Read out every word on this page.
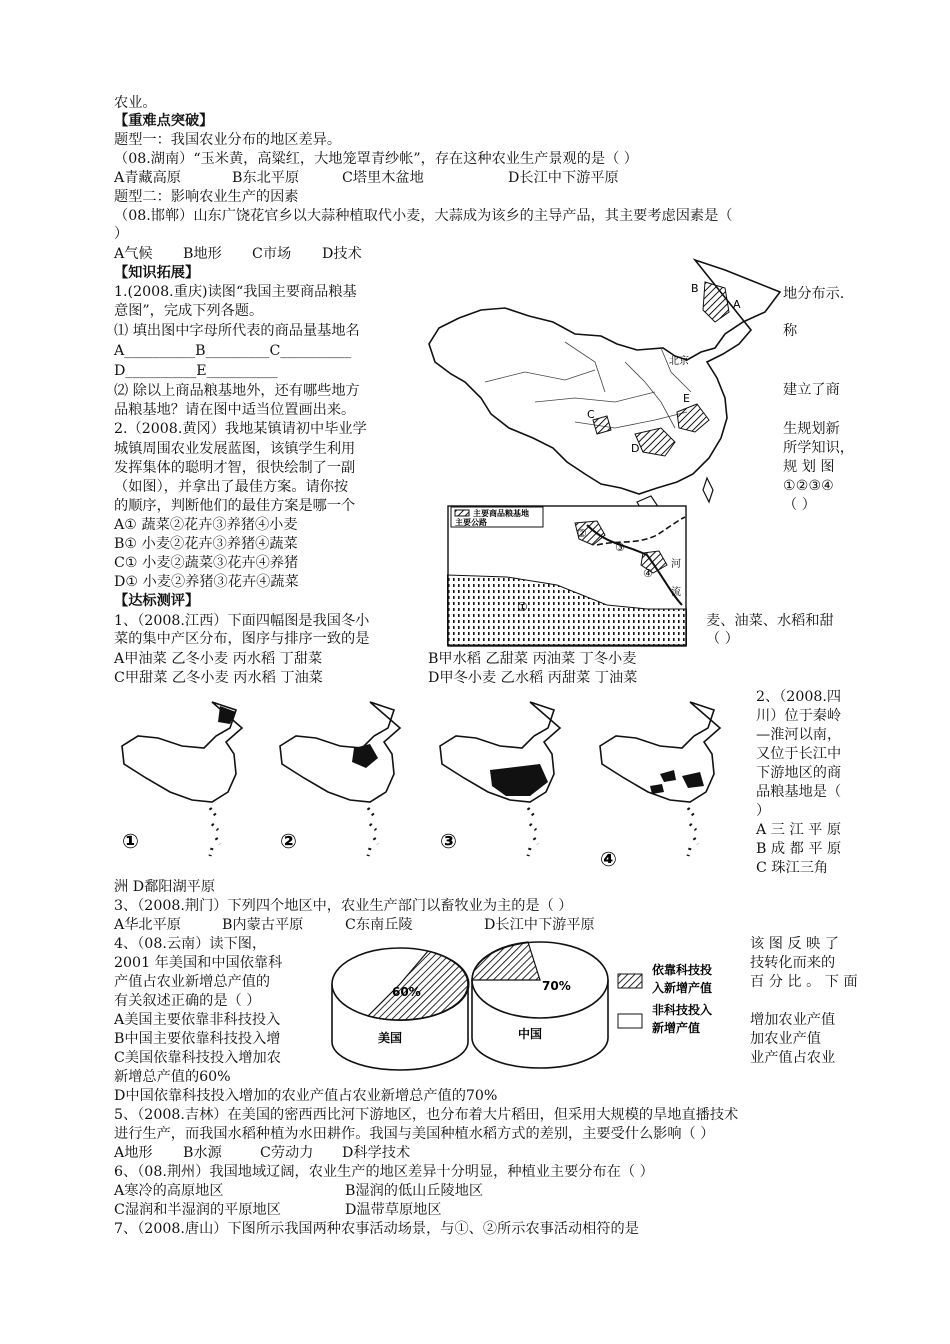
农业。
【重难点突破】
题型一：我国农业分布的地区差异。
（08.湖南）“玉米黄，高粱红，大地笼罩青纱帐”，存在这种农业生产景观的是（ ）
A青藏高原	B东北平原	C塔里木盆地	D长江中下游平原
题型二：影响农业生产的因素
（08.邯郸）山东广饶花官乡以大蒜种植取代小麦，大蒜成为该乡的主导产品，其主要考虑因素是（
）
A气候 B地形 C市场 D技术
【知识拓展】
1.(2008.重庆)读图“我国主要商品粮基
意图”，完成下列各题。
⑴ 填出图中字母所代表的商品量基地名
A__________B_________C__________
D__________E__________
⑵ 除以上商品粮基地外，还有哪些地方
品粮基地？请在图中适当位置画出来。
地分布示.
称
建立了商
2.（2008.黄冈）我地某镇请初中毕业学
城镇周围农业发展蓝图，该镇学生利用
发挥集体的聪明才智，很快绘制了一副
（如图），并拿出了最佳方案。请你按
的顺序，判断他们的最佳方案是哪一个
生规划新
所学知识，
规 划 图
①②③④
（ ）
A① 蔬菜②花卉③养猪④小麦
B① 小麦②花卉③养猪④蔬菜
C① 小麦②蔬菜③花卉④养猪
D① 小麦②养猪③花卉④蔬菜
A
B
C
D
E
北京
主要商品粮基地
主要公路
①
②
③
④
河
流
【达标测评】
1、（2008.江西）下面四幅图是我国冬小
菜的集中产区分布，图序与排序一致的是
麦、油菜、水稻和甜
（ ）
A甲油菜 乙冬小麦 丙水稻 丁甜菜	B甲水稻 乙甜菜 丙油菜 丁冬小麦
C甲甜菜 乙冬小麦 丙水稻 丁油菜	D甲冬小麦 乙水稻 丙甜菜 丁油菜
①	②	③
④
2、（2008.四
川）位于秦岭
—淮河以南，
又位于长江中
下游地区的商
品粮基地是（
）
A 三 江 平 原
B 成 都 平 原
C 珠江三角
洲 D鄱阳湖平原
3、（2008.荆门）下列四个地区中，农业生产部门以畜牧业为主的是（ ）
A华北平原	B内蒙古平原	C东南丘陵	D长江中下游平原
4、（08.云南）读下图，
2001 年美国和中国依靠科
产值占农业新增总产值的
有关叙述正确的是（ ）
A美国主要依靠非科技投入
B中国主要依靠科技投入增
C美国依靠科技投入增加农
新增总产值的60%
该 图 反 映 了
技转化而来的
百 分 比 。 下 面
增加农业产值
加农业产值
业产值占农业
60%
美国
70%
中国
依靠科技投
入新增产值
非科技投入
新增产值
D中国依靠科技投入增加的农业产值占农业新增总产值的70%
5、（2008.吉林）在美国的密西西比河下游地区，也分布着大片稻田，但采用大规模的旱地直播技术
进行生产，而我国水稻种植为水田耕作。我国与美国种植水稻方式的差别，主要受什么影响（ ）
A地形 B水源	C劳动力 D科学技术
6、（08.荆州）我国地域辽阔，农业生产的地区差异十分明显，种植业主要分布在（ ）
A寒冷的高原地区	B湿润的低山丘陵地区
C湿润和半湿润的平原地区	D温带草原地区
7、（2008.唐山）下图所示我国两种农事活动场景，与①、②所示农事活动相符的是
